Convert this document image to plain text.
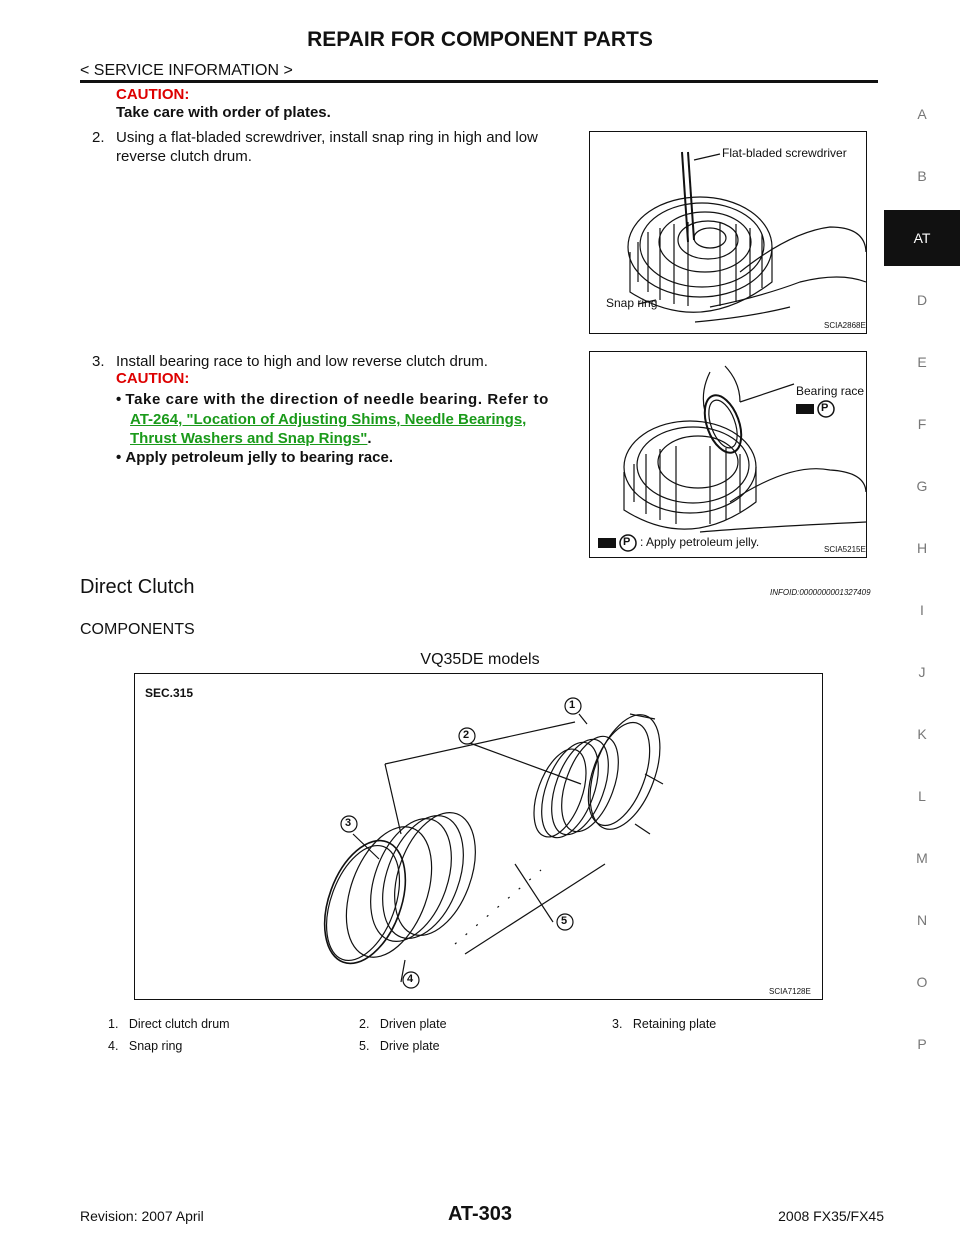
REPAIR FOR COMPONENT PARTS
< SERVICE INFORMATION >
A
B
AT
D
E
F
G
H
I
J
K
L
M
N
O
P
CAUTION:
Take care with order of plates.
2. Using a flat-bladed screwdriver, install snap ring in high and low
reverse clutch drum.	Flat-bladed screwdriver
Snap ring
SCIA2868E
3. Install bearing race to high and low reverse clutch drum.
CAUTION:
• Take care with the direction of needle bearing. Refer to
AT-264, "Location of Adjusting Shims, Needle Bearings,
Thrust Washers and Snap Rings".
• Apply petroleum jelly to bearing race.
Bearing race
P
P : Apply petroleum jelly.
SCIA5215E
Direct Clutch	INFOID:0000000001327409
COMPONENTS
VQ35DE models
SEC.315
1
2
3
4
5
SCIA7128E
1. Direct clutch drum	2. Driven plate	3. Retaining plate
4. Snap ring	5. Drive plate
Revision: 2007 April	AT-303	2008 FX35/FX45
